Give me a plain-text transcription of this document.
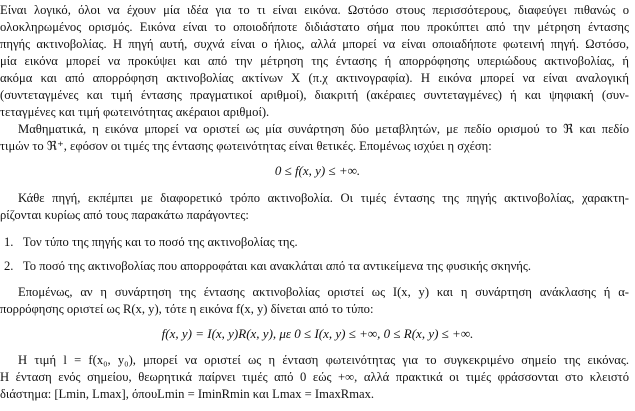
Είναι λογικό, όλοι να έχουν μία ιδέα για το τι είναι εικόνα. Ωστόσο στους περισσότερους, διαφεύγει πιθανώς ο
ολοκληρωμένος ορισμός. Εικόνα είναι το οποιοδήποτε διδιάστατο σήμα που προκύπτει από την μέτρηση έντασης
πηγής ακτινοβολίας. Η πηγή αυτή, συχνά είναι ο ήλιος, αλλά μπορεί να είναι οποιαδήποτε φωτεινή πηγή. Ωστόσο,
μία εικόνα μπορεί να προκύψει και από την μέτρηση της έντασης ή απορρόφησης υπεριώδους ακτινοβολίας, ή
ακόμα και από απορρόφηση ακτινοβολίας ακτίνων X (π.χ ακτινογραφία). Η εικόνα μπορεί να είναι αναλογική
(συντεταγμένες και τιμή έντασης πραγματικοί αριθμοί), διακριτή (ακέραιες συντεταγμένες) ή και ψηφιακή (συν-
τεταγμένες και τιμή φωτεινότητας ακέραιοι αριθμοί).
Μαθηματικά, η εικόνα μπορεί να οριστεί ως μία συνάρτηση δύο μεταβλητών, με πεδίο ορισμού το ℜ και πεδίο
τιμών το ℜ⁺, εφόσον οι τιμές της έντασης φωτεινότητας είναι θετικές. Επομένως ισχύει η σχέση:
0 ≤ f(x, y) ≤ +∞.
Κάθε πηγή, εκπέμπει με διαφορετικό τρόπο ακτινοβολία. Οι τιμές έντασης της πηγής ακτινοβολίας, χαρακτη-
ρίζονται κυρίως από τους παρακάτω παράγοντες:
1. Τον τύπο της πηγής και το ποσό της ακτινοβολίας της.
2. Το ποσό της ακτινοβολίας που απορροφάται και ανακλάται από τα αντικείμενα της φυσικής σκηνής.
Επομένως, αν η συνάρτηση της έντασης ακτινοβολίας οριστεί ως I(x, y) και η συνάρτηση ανάκλασης ή α-
πορρόφησης οριστεί ως R(x, y), τότε η εικόνα f(x, y) δίνεται από το τύπο:
f(x, y) = I(x, y)R(x, y), με 0 ≤ I(x, y) ≤ +∞, 0 ≤ R(x, y) ≤ +∞.
Η τιμή l = f(x₀, y₀), μπορεί να οριστεί ως η ένταση φωτεινότητας για το συγκεκριμένο σημείο της εικόνας.
Η ένταση ενός σημείου, θεωρητικά παίρνει τιμές από 0 εώς +∞, αλλά πρακτικά οι τιμές φράσσονται στο κλειστό
διάστημα: [Lmin, Lmax], όπουLmin = IminRmin και Lmax = ImaxRmax.
